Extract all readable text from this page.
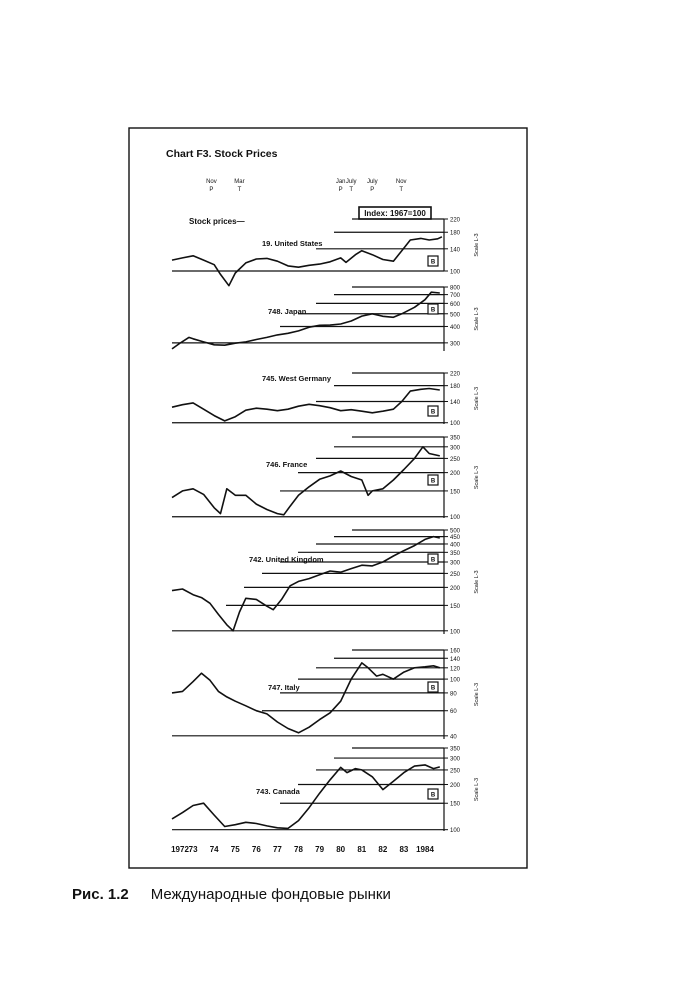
Chart F3. Stock Prices
Stock prices—
Index: 1967=100
Nov
P
Mar
T
Jan
P
July
T
July
P
Nov
T
100
140
180
220
Scale L-3
19. United States
B
300
400
500
600
700
800
Scale L-3
748. Japan	B
100
140
180
220
Scale L-3
745. West Germany
B
100
150
200
250
300
350
Scale L-3
746. France
B
100
150
200
250
300
350
400
450
500
Scale L-3
742. United Kingdom	B
40
60
80
100
120
140
160
Scale L-3
747. Italy	B
100
150
200
250
300
350
Scale L-3
743. Canada	B
1972 73 74 75 76 77 78 79 80 81 82 83 1984
Рис. 1.2 Международные фондовые рынки
